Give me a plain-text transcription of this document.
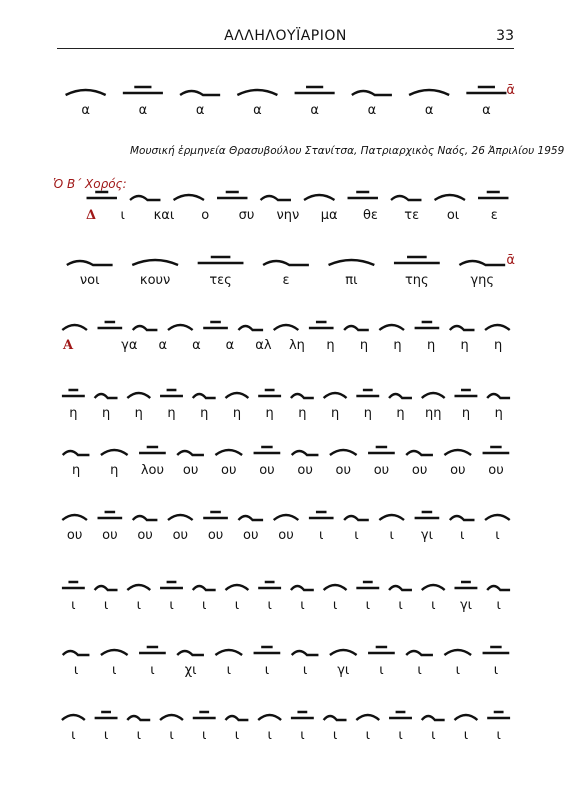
ΑΛΛΗΛΟΥΪΑΡΙΟΝ	33
Μουσική ἑρμηνεία Θρασυβούλου Στανίτσα, Πατριαρχικὸς Ναός, 26 Ἀπριλίου 1959
Ὁ Β΄ Χορός:
α	α	α	α	α	α	α	α
ᾱ
Δ	ι	και	ο	συ	νην	μα	θε	τε	οι	ε
νοι	κουν	τες	ε	πι	της	γης
ᾱ
Α	γα	α	α	α	αλ	λη	η	η	η	η	η	η
η	η	η	η	η	η	η	η	η	η	η	ηη	η	η
η	η	λου	ου	ου	ου	ου	ου	ου	ου	ου	ου
ου	ου	ου	ου	ου	ου	ου	ι	ι	ι	γι	ι	ι
ι	ι	ι	ι	ι	ι	ι	ι	ι	ι	ι	ι	γι	ι
ι	ι	ι	χι	ι	ι	ι	γι	ι	ι	ι	ι
ι	ι	ι	ι	ι	ι	ι	ι	ι	ι	ι	ι	ι	ι
